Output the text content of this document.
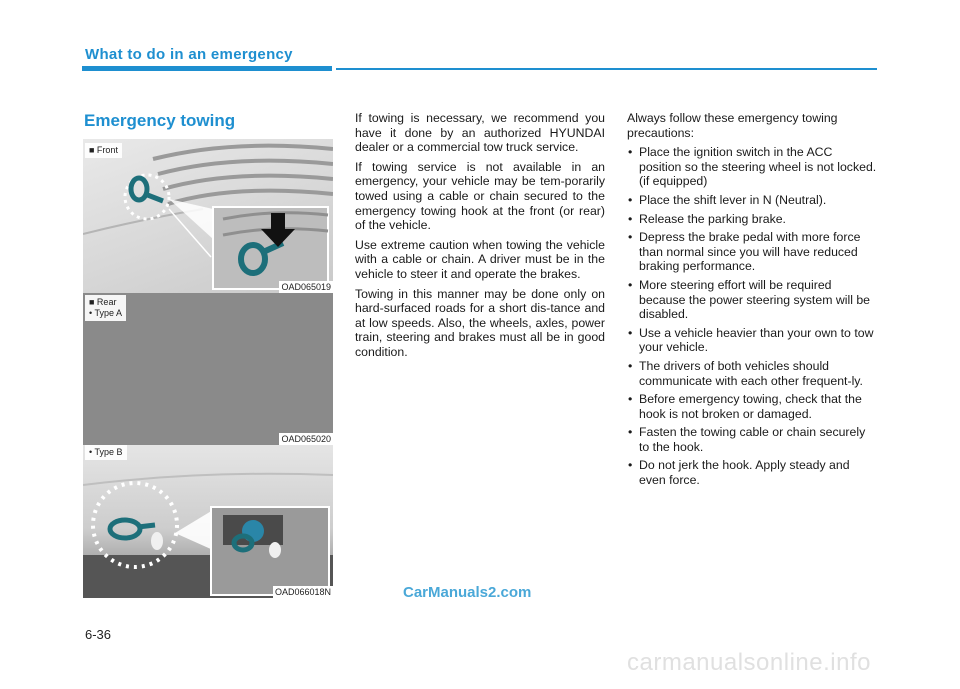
What to do in an emergency
Emergency towing
■ Front
OAD065019
■ Rear
• Type A
OAD065020
• Type B
OAD066018N

If towing is necessary, we recommend you have it done by an authorized HYUNDAI dealer or a commercial tow truck service.

If towing service is not available in an emergency, your vehicle may be tem-porarily towed using a cable or chain secured to the emergency towing hook at the front (or rear) of the vehicle.

Use extreme caution when towing the vehicle with a cable or chain. A driver must be in the vehicle to steer it and operate the brakes.

Towing in this manner may be done only on hard-surfaced roads for a short dis-tance and at low speeds. Also, the wheels, axles, power train, steering and brakes must all be in good condition.

Always follow these emergency towing precautions:

• Place the ignition switch in the ACC position so the steering wheel is not locked. (if equipped)
• Place the shift lever in N (Neutral).
• Release the parking brake.
• Depress the brake pedal with more force than normal since you will have reduced braking performance.
• More steering effort will be required because the power steering system will be disabled.
• Use a vehicle heavier than your own to tow your vehicle.
• The drivers of both vehicles should communicate with each other frequent-ly.
• Before emergency towing, check that the hook is not broken or damaged.
• Fasten the towing cable or chain securely to the hook.
• Do not jerk the hook. Apply steady and even force.
CarManuals2.com
6-36
carmanualsonline.info
